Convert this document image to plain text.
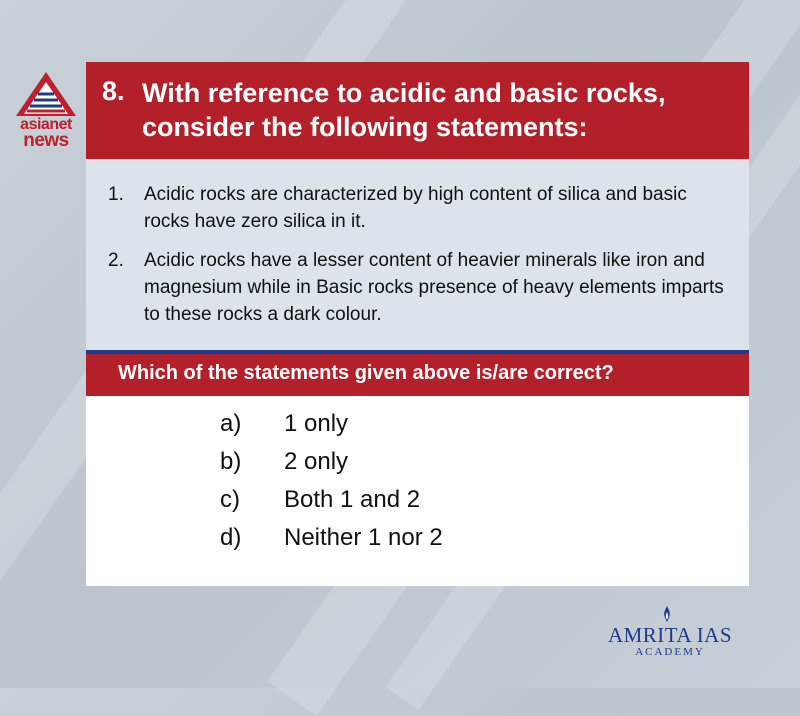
asianet
news
8. With reference to acidic and basic rocks, consider the following statements:
1.	Acidic rocks are characterized by high content of silica and basic rocks have zero silica in it.
2.	Acidic rocks have a lesser content of heavier minerals like iron and magnesium while in Basic rocks presence of heavy elements imparts to these rocks a dark colour.
Which of the statements given above is/are correct?
a)	1 only
b)	2 only
c)	Both 1 and 2
d)	Neither 1 nor 2
AMRITA IAS
ACADEMY
